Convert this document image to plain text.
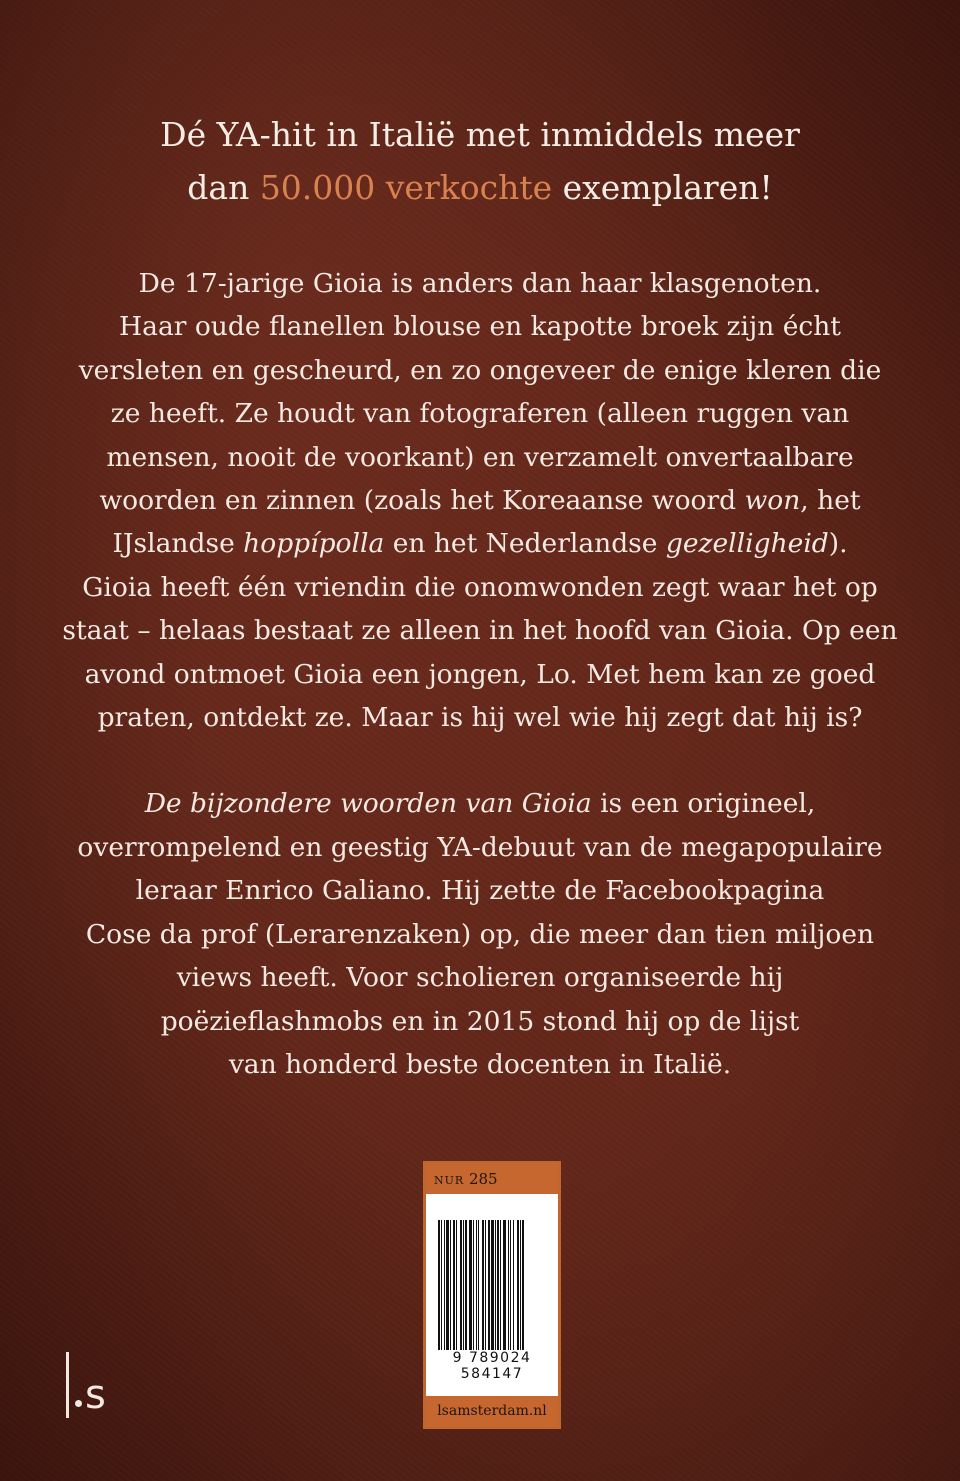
Dé YA-hit in Italië met inmiddels meer
dan 50.000 verkochte exemplaren!

De 17-jarige Gioia is anders dan haar klasgenoten.
Haar oude flanellen blouse en kapotte broek zijn écht
versleten en gescheurd, en zo ongeveer de enige kleren die
ze heeft. Ze houdt van fotograferen (alleen ruggen van
mensen, nooit de voorkant) en verzamelt onvertaalbare
woorden en zinnen (zoals het Koreaanse woord won, het
IJslandse hoppípolla en het Nederlandse gezelligheid).
Gioia heeft één vriendin die onomwonden zegt waar het op
staat – helaas bestaat ze alleen in het hoofd van Gioia. Op een
avond ontmoet Gioia een jongen, Lo. Met hem kan ze goed
praten, ontdekt ze. Maar is hij wel wie hij zegt dat hij is?

De bijzondere woorden van Gioia is een origineel,
overrompelend en geestig YA-debuut van de megapopulaire
leraar Enrico Galiano. Hij zette de Facebookpagina
Cose da prof (Lerarenzaken) op, die meer dan tien miljoen
views heeft. Voor scholieren organiseerde hij
poëzieflashmobs en in 2015 stond hij op de lijst
van honderd beste docenten in Italië.

NUR 285
9 789024 584147
lsamsterdam.nl
s
